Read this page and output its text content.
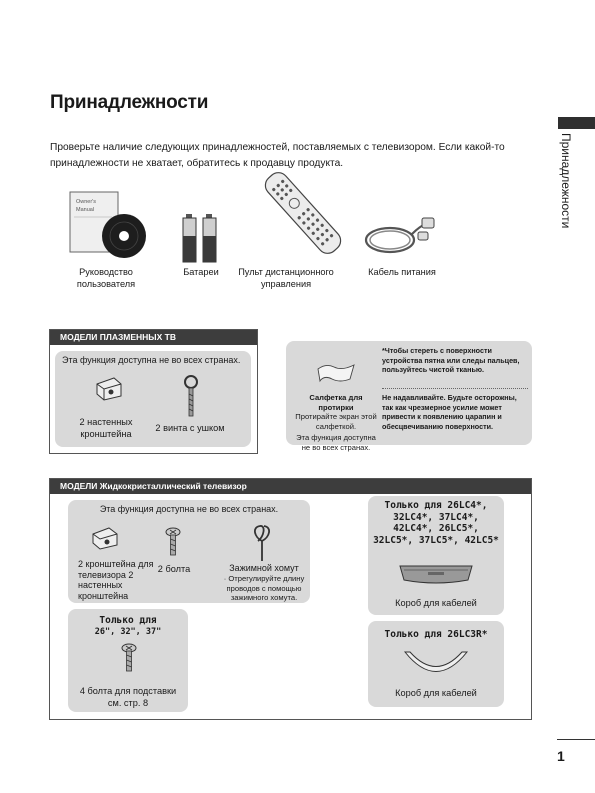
Принадлежности
Принадлежности
Проверьте наличие следующих принадлежностей, поставляемых с телевизором. Если какой-то принадлежности не хватает, обратитесь к продавцу продукта.
Owner's
Manual
Руководство пользователя
Батареи	Пульт дистанционного управления
Кабель питания
МОДЕЛИ ПЛАЗМЕННЫХ ТВ
Эта функция доступна не во всех странах.
2 настенных кронштейна
2 винта с ушком
Салфетка для протирки
Протирайте экран этой салфеткой.
Эта функция доступна не во всех странах.
*Чтобы стереть с поверхности устройства пятна или следы пальцев, пользуйтесь чистой тканью.
Не надавливайте. Будьте осторожны, так как чрезмерное усилие может привести к появлению царапин и обесцвечиванию поверхности.
МОДЕЛИ Жидкокристаллический телевизор
Эта функция доступна не во всех странах.
2 кронштейна для телевизора 2 настенных кронштейна
2 болта	Зажимной хомут
· Отрегулируйте длину проводов с помощью зажимного хомута.
Только для
26", 32", 37"
4 болта для подставки см. стр. 8
Только для 26LC4*, 32LC4*, 37LC4*, 42LC4*, 26LC5*, 32LC5*, 37LC5*, 42LC5*
Короб для кабелей
Только для 26LC3R*
Короб для кабелей
1
